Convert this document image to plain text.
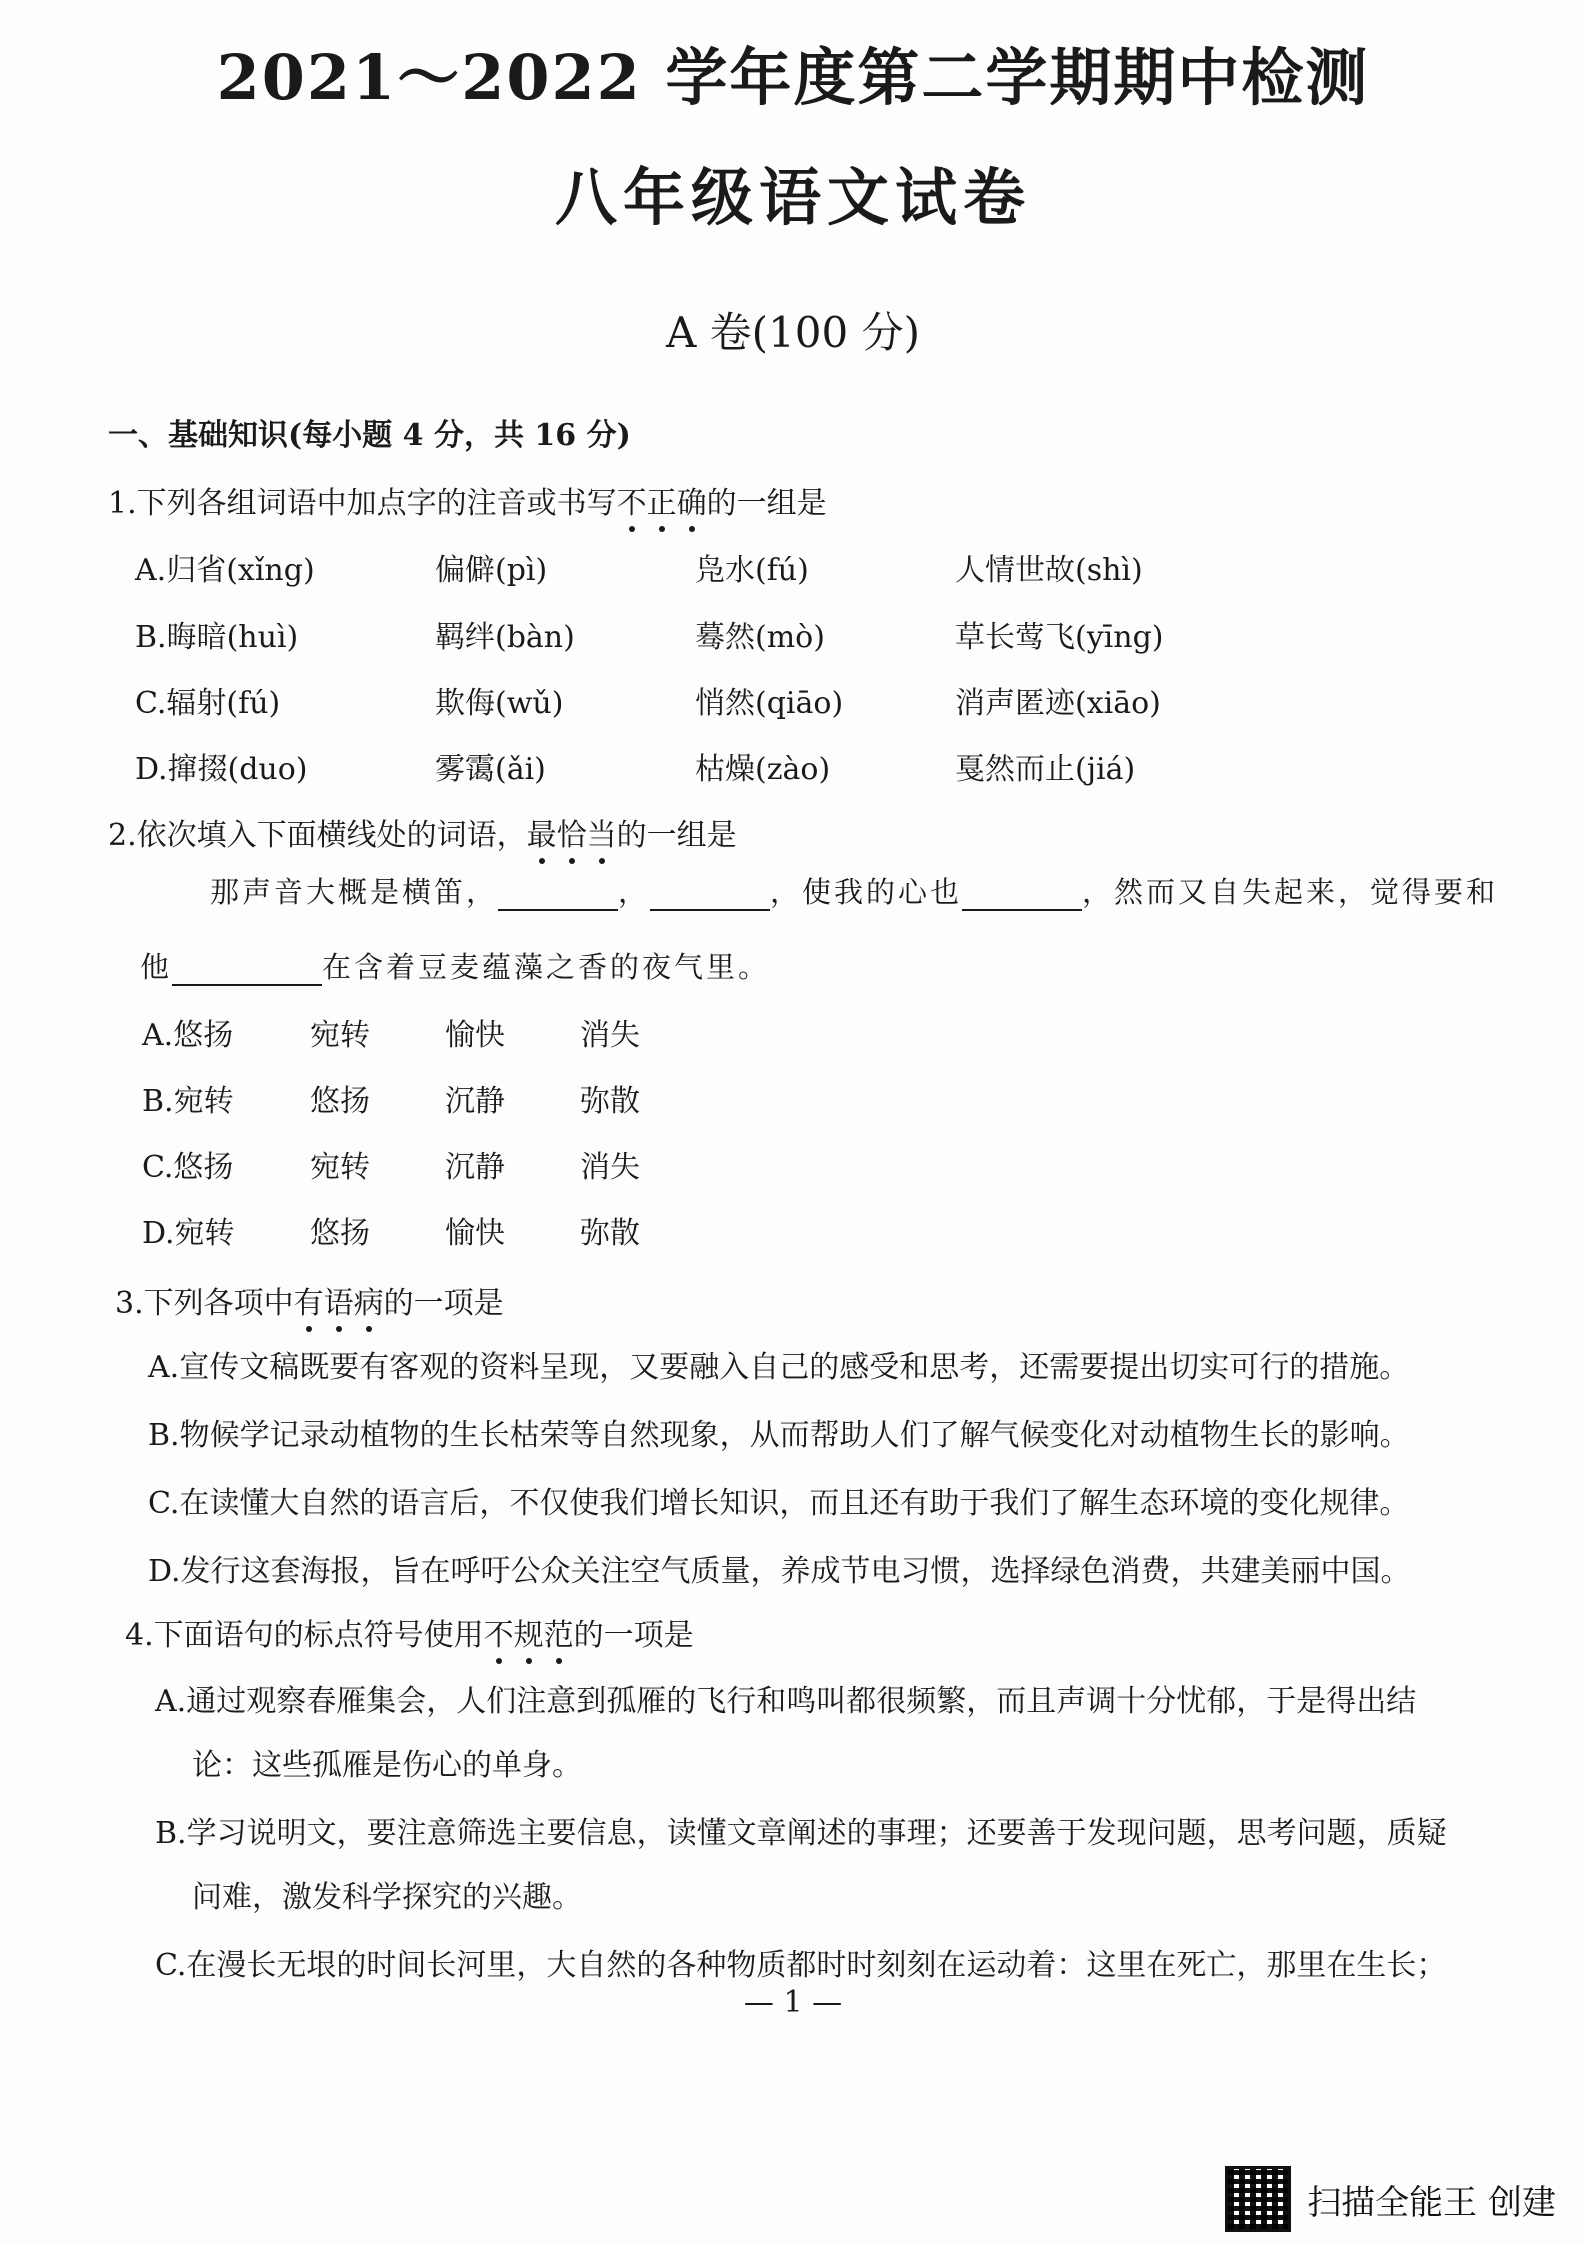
2021～2022 学年度第二学期期中检测
八年级语文试卷
A 卷(100 分)
一、基础知识(每小题 4 分，共 16 分)
1.下列各组词语中加点字的注音或书写不正确的一组是
A.归省(xǐng)	偏僻(pì)	凫水(fú)	人情世故(shì)
B.晦暗(huì)	羁绊(bàn)	蓦然(mò)	草长莺飞(yīng)
C.辐射(fú)	欺侮(wǔ)	悄然(qiāo)	消声匿迹(xiāo)
D.撺掇(duo)	雾霭(ǎi)	枯燥(zào)	戛然而止(jiá)
2.依次填入下面横线处的词语，最恰当的一组是
那声音大概是横笛，	，	，使我的心也	，然而又自失起来，觉得要和
他	在含着豆麦蕴藻之香的夜气里。
A.悠扬	宛转	愉快	消失
B.宛转	悠扬	沉静	弥散
C.悠扬	宛转	沉静	消失
D.宛转	悠扬	愉快	弥散
3.下列各项中有语病的一项是
A.宣传文稿既要有客观的资料呈现，又要融入自己的感受和思考，还需要提出切实可行的措施。
B.物候学记录动植物的生长枯荣等自然现象，从而帮助人们了解气候变化对动植物生长的影响。
C.在读懂大自然的语言后，不仅使我们增长知识，而且还有助于我们了解生态环境的变化规律。
D.发行这套海报，旨在呼吁公众关注空气质量，养成节电习惯，选择绿色消费，共建美丽中国。
4.下面语句的标点符号使用不规范的一项是
A.通过观察春雁集会，人们注意到孤雁的飞行和鸣叫都很频繁，而且声调十分忧郁，于是得出结
论：这些孤雁是伤心的单身。
B.学习说明文，要注意筛选主要信息，读懂文章阐述的事理；还要善于发现问题，思考问题，质疑
问难，激发科学探究的兴趣。
C.在漫长无垠的时间长河里，大自然的各种物质都时时刻刻在运动着：这里在死亡，那里在生长；
— 1 —
扫描全能王 创建
